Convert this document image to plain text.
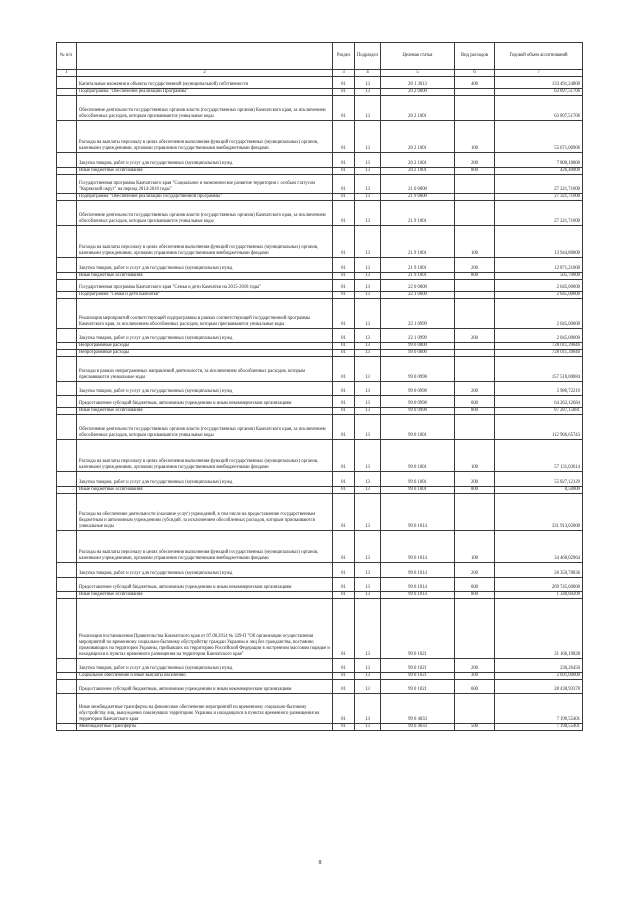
№ п/п		Раздел	Подраздел	Целевая статья	Вид расходов	Годовой объем ассигнований
1	2	3	4	5	6	7
	Капитальные вложения в объекты государственной (муниципальной) собственности	01	13	20 1 3013	400	133 491,24800
	Подпрограмма "Обеспечение реализации Программы"	01	13	20 2 0000		63 897,51706
	Обеспечение деятельности государственных органов власти (государственных органов) Камчатского края, за исключением обособленных расходов, которым присваиваются уникальные коды	01	13	20 2 1001		63 897,51706
	Расходы на выплаты персоналу в целях обеспечения выполнения функций государственных (муниципальных) органов, казенными учреждениями, органами управления государственными внебюджетными фондами	01	13	20 2 1001	100	55 671,00906
	Закупка товаров, работ и услуг для государственных (муниципальных) нужд	01	13	20 2 1001	200	7 800,10800
	Иные бюджетные ассигнования	01	13	20 2 1001	800	426,40000
	Государственная программа Камчатского края "Социальное и экономическое развитие территории с особым статусом "Корякский округ" на период 2014-2018 годы"	01	13	21 0 0000		27 321,71000
	Подпрограмма "Обеспечение реализации государственной программы"	01	13	21 9 0000		27 321,71000
	Обеспечение деятельности государственных органов власти (государственных органов) Камчатского края, за исключением обособленных расходов, которым присваиваются уникальные коды	01	13	21 9 1001		27 321,71000
	Расходы на выплаты персоналу в целях обеспечения выполнения функций государственных (муниципальных) органов, казенными учреждениями, органами управления государственными внебюджетными фондами	01	13	21 9 1001	100	13 944,80000
	Закупка товаров, работ и услуг для государственных (муниципальных) нужд	01	13	21 9 1001	200	12 871,21000
	Иные бюджетные ассигнования	01	13	21 9 1001	800	505,70000
	Государственная программа Камчатского края "Семья и дети Камчатки на 2015-2018 годы"	01	13	22 0 0000		2 045,00000
	Подпрограмма "Семья и дети Камчатки"	01	13	22 1 0000		2 045,00000
	Реализация мероприятий соответствующей подпрограммы в рамках соответствующей государственной программы Камчатского края, за исключением обособленных расходов, которым присваиваются уникальные коды	01	13	22 1 0999		2 045,00000
	Закупка товаров, работ и услуг для государственных (муниципальных) нужд	01	13	22 1 0999	200	2 045,00000
	Непрограммные расходы	01	13	99 0 0000		728 011,39846
	Непрограммные расходы	01	13	99 0 0000		728 011,39846
	Расходы в рамках непрограммных направлений деятельности, за исключением обособленных расходов, которым присваиваются уникальные коды	01	13	99 0 0998		157 510,00884
	Закупка товаров, работ и услуг для государственных (муниципальных) нужд	01	13	99 0 0998	200	5 980,72219
	Предоставление субсидий бюджетным, автономным учреждениям и иным некоммерческим организациям	01	13	99 0 0998	600	64 262,12684
	Иные бюджетные ассигнования	01	13	99 0 0998	800	87 287,15881
	Обеспечение деятельности государственных органов власти (государственных органов) Камчатского края, за исключением обособленных расходов, которым присваиваются уникальные коды	01	13	99 0 1001		112 966,65743
	Расходы на выплаты персоналу в целях обеспечения выполнения функций государственных (муниципальных) органов, казенными учреждениями, органами управления государственными внебюджетными фондами	01	13	99 0 1001	100	57 131,03614
	Закупка товаров, работ и услуг для государственных (муниципальных) нужд	01	13	99 0 1001	200	55 827,12129
	Иные бюджетные ассигнования	01	13	99 0 1001	800	8,50000
	Расходы на обеспечение деятельности (оказание услуг) учреждений, в том числе на предоставление государственным бюджетным и автономным учреждениям субсидий, за исключением обособленных расходов, которым присваиваются уникальные коды	01	13	99 0 1014		331 913,02000
	Расходы на выплаты персоналу в целях обеспечения выполнения функций государственных (муниципальных) органов, казенными учреждениями, органами управления государственными внебюджетными фондами	01	13	99 0 1014	100	34 468,02964
	Закупка товаров, работ и услуг для государственных (муниципальных) нужд	01	13	99 0 1014	200	26 350,78836
	Предоставление субсидий бюджетным, автономным учреждениям и иным некоммерческим организациям	01	13	99 0 1014	600	269 745,60000
	Иные бюджетные ассигнования	01	13	99 0 1014	800	1 348,60200
	Реализация постановления Правительства Камчатского края от 07.08.2014 № 329-П "Об организации осуществления мероприятий по временному социально-бытовому обустройству граждан Украины и лиц без гражданства, постоянно проживающих на территории Украины, прибывших на территорию Российской Федерации в экстренном массовом порядке и находящихся в пунктах временного размещения на территории Камчатского края"	01	13	99 0 1021		31 166,19828
	Закупка товаров, работ и услуг для государственных (муниципальных) нужд	01	13	99 0 1021	200	236,26450
	Социальное обеспечение и иные выплаты населению	01	13	99 0 1021	300	2 691,00000
	Предоставление субсидий бюджетным, автономным учреждениям и иным некоммерческим организациям	01	13	99 0 1021	600	28 438,93378
	Иные межбюджетные трансферты на финансовое обеспечение мероприятий по временному социально-бытовому обустройству лиц, вынужденно покинувших территорию Украины и находящихся в пунктах временного размещения на территории Камчатского края	01	13	99 0 4033		7 190,55401
	Межбюджетные трансферты	01	13	99 0 4033	500	7 190,55401
8
